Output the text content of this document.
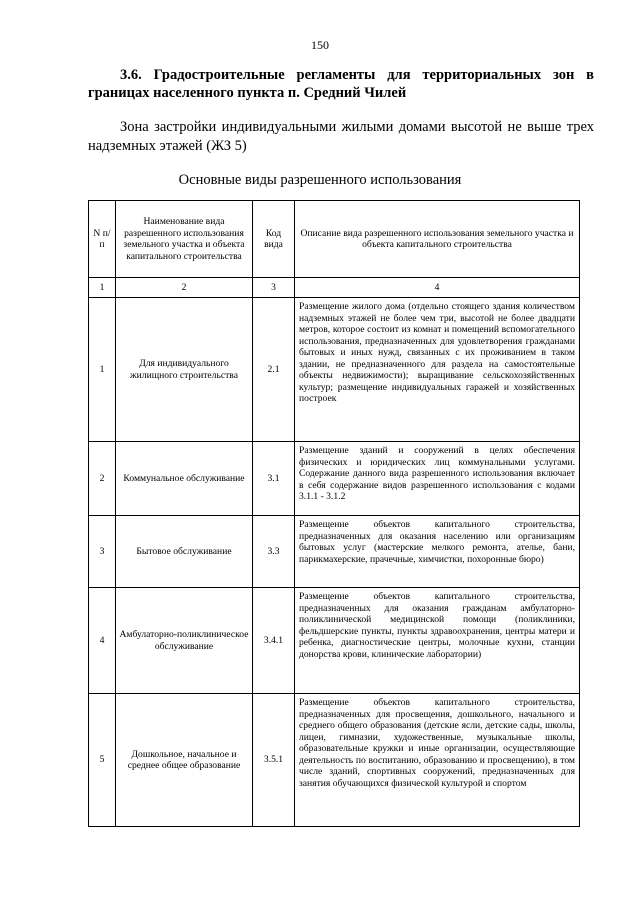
150
3.6. Градостроительные регламенты для территориальных зон в границах населенного пункта п. Средний Чилей
Зона застройки индивидуальными жилыми домами высотой не выше трех надземных этажей (ЖЗ 5)
Основные виды разрешенного использования
N п/п	Наименование вида разрешенного использования земельного участка и объекта капитального строительства	Код вида	Описание вида разрешенного использования земельного участка и объекта капитального строительства
1	2	3	4
1	Для индивидуального жилищного строительства	2.1	Размещение жилого дома (отдельно стоящего здания количеством надземных этажей не более чем три, высотой не более двадцати метров, которое состоит из комнат и помещений вспомогательного использования, предназначенных для удовлетворения гражданами бытовых и иных нужд, связанных с их проживанием в таком здании, не предназначенного для раздела на самостоятельные объекты недвижимости); выращивание сельскохозяйственных культур; размещение индивидуальных гаражей и хозяйственных построек
2	Коммунальное обслуживание	3.1	Размещение зданий и сооружений в целях обеспечения физических и юридических лиц коммунальными услугами. Содержание данного вида разрешенного использования включает в себя содержание видов разрешенного использования с кодами 3.1.1 - 3.1.2
3	Бытовое обслуживание	3.3	Размещение объектов капитального строительства, предназначенных для оказания населению или организациям бытовых услуг (мастерские мелкого ремонта, ателье, бани, парикмахерские, прачечные, химчистки, похоронные бюро)
4	Амбулаторно-поликлиническое обслуживание	3.4.1	Размещение объектов капитального строительства, предназначенных для оказания гражданам амбулаторно-поликлинической медицинской помощи (поликлиники, фельдшерские пункты, пункты здравоохранения, центры матери и ребенка, диагностические центры, молочные кухни, станции донорства крови, клинические лаборатории)
5	Дошкольное, начальное и среднее общее образование	3.5.1	Размещение объектов капитального строительства, предназначенных для просвещения, дошкольного, начального и среднего общего образования (детские ясли, детские сады, школы, лицеи, гимназии, художественные, музыкальные школы, образовательные кружки и иные организации, осуществляющие деятельность по воспитанию, образованию и просвещению), в том числе зданий, спортивных сооружений, предназначенных для занятия обучающихся физической культурой и спортом
